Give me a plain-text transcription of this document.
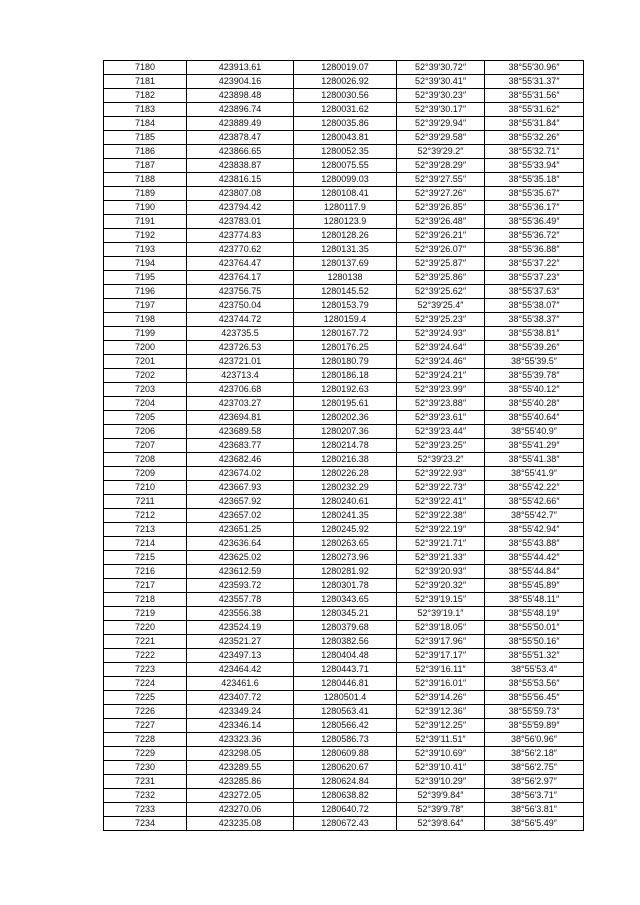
7180	423913.61	1280019.07	52°39′30.72″	38°55′30.96″
7181	423904.16	1280026.92	52°39′30.41″	38°55′31.37″
7182	423898.48	1280030.56	52°39′30.23″	38°55′31.56″
7183	423896.74	1280031.62	52°39′30.17″	38°55′31.62″
7184	423889.49	1280035.86	52°39′29.94″	38°55′31.84″
7185	423878.47	1280043.81	52°39′29.58″	38°55′32.26″
7186	423866.65	1280052.35	52°39′29.2″	38°55′32.71″
7187	423838.87	1280075.55	52°39′28.29″	38°55′33.94″
7188	423816.15	1280099.03	52°39′27.55″	38°55′35.18″
7189	423807.08	1280108.41	52°39′27.26″	38°55′35.67″
7190	423794.42	1280117.9	52°39′26.85″	38°55′36.17″
7191	423783.01	1280123.9	52°39′26.48″	38°55′36.49″
7192	423774.83	1280128.26	52°39′26.21″	38°55′36.72″
7193	423770.62	1280131.35	52°39′26.07″	38°55′36.88″
7194	423764.47	1280137.69	52°39′25.87″	38°55′37.22″
7195	423764.17	1280138	52°39′25.86″	38°55′37.23″
7196	423756.75	1280145.52	52°39′25.62″	38°55′37.63″
7197	423750.04	1280153.79	52°39′25.4″	38°55′38.07″
7198	423744.72	1280159.4	52°39′25.23″	38°55′38.37″
7199	423735.5	1280167.72	52°39′24.93″	38°55′38.81″
7200	423726.53	1280176.25	52°39′24.64″	38°55′39.26″
7201	423721.01	1280180.79	52°39′24.46″	38°55′39.5″
7202	423713.4	1280186.18	52°39′24.21″	38°55′39.78″
7203	423706.68	1280192.63	52°39′23.99″	38°55′40.12″
7204	423703.27	1280195.61	52°39′23.88″	38°55′40.28″
7205	423694.81	1280202.36	52°39′23.61″	38°55′40.64″
7206	423689.58	1280207.36	52°39′23.44″	38°55′40.9″
7207	423683.77	1280214.78	52°39′23.25″	38°55′41.29″
7208	423682.46	1280216.38	52°39′23.2″	38°55′41.38″
7209	423674.02	1280226.28	52°39′22.93″	38°55′41.9″
7210	423667.93	1280232.29	52°39′22.73″	38°55′42.22″
7211	423657.92	1280240.61	52°39′22.41″	38°55′42.66″
7212	423657.02	1280241.35	52°39′22.38″	38°55′42.7″
7213	423651.25	1280245.92	52°39′22.19″	38°55′42.94″
7214	423636.64	1280263.65	52°39′21.71″	38°55′43.88″
7215	423625.02	1280273.96	52°39′21.33″	38°55′44.42″
7216	423612.59	1280281.92	52°39′20.93″	38°55′44.84″
7217	423593.72	1280301.78	52°39′20.32″	38°55′45.89″
7218	423557.78	1280343.65	52°39′19.15″	38°55′48.11″
7219	423556.38	1280345.21	52°39′19.1″	38°55′48.19″
7220	423524.19	1280379.68	52°39′18.05″	38°55′50.01″
7221	423521.27	1280382.56	52°39′17.96″	38°55′50.16″
7222	423497.13	1280404.48	52°39′17.17″	38°55′51.32″
7223	423464.42	1280443.71	52°39′16.11″	38°55′53.4″
7224	423461.6	1280446.81	52°39′16.01″	38°55′53.56″
7225	423407.72	1280501.4	52°39′14.26″	38°55′56.45″
7226	423349.24	1280563.41	52°39′12.36″	38°55′59.73″
7227	423346.14	1280566.42	52°39′12.25″	38°55′59.89″
7228	423323.36	1280586.73	52°39′11.51″	38°56′0.96″
7229	423298.05	1280609.88	52°39′10.69″	38°56′2.18″
7230	423289.55	1280620.67	52°39′10.41″	38°56′2.75″
7231	423285.86	1280624.84	52°39′10.29″	38°56′2.97″
7232	423272.05	1280638.82	52°39′9.84″	38°56′3.71″
7233	423270.06	1280640.72	52°39′9.78″	38°56′3.81″
7234	423235.08	1280672.43	52°39′8.64″	38°56′5.49″
